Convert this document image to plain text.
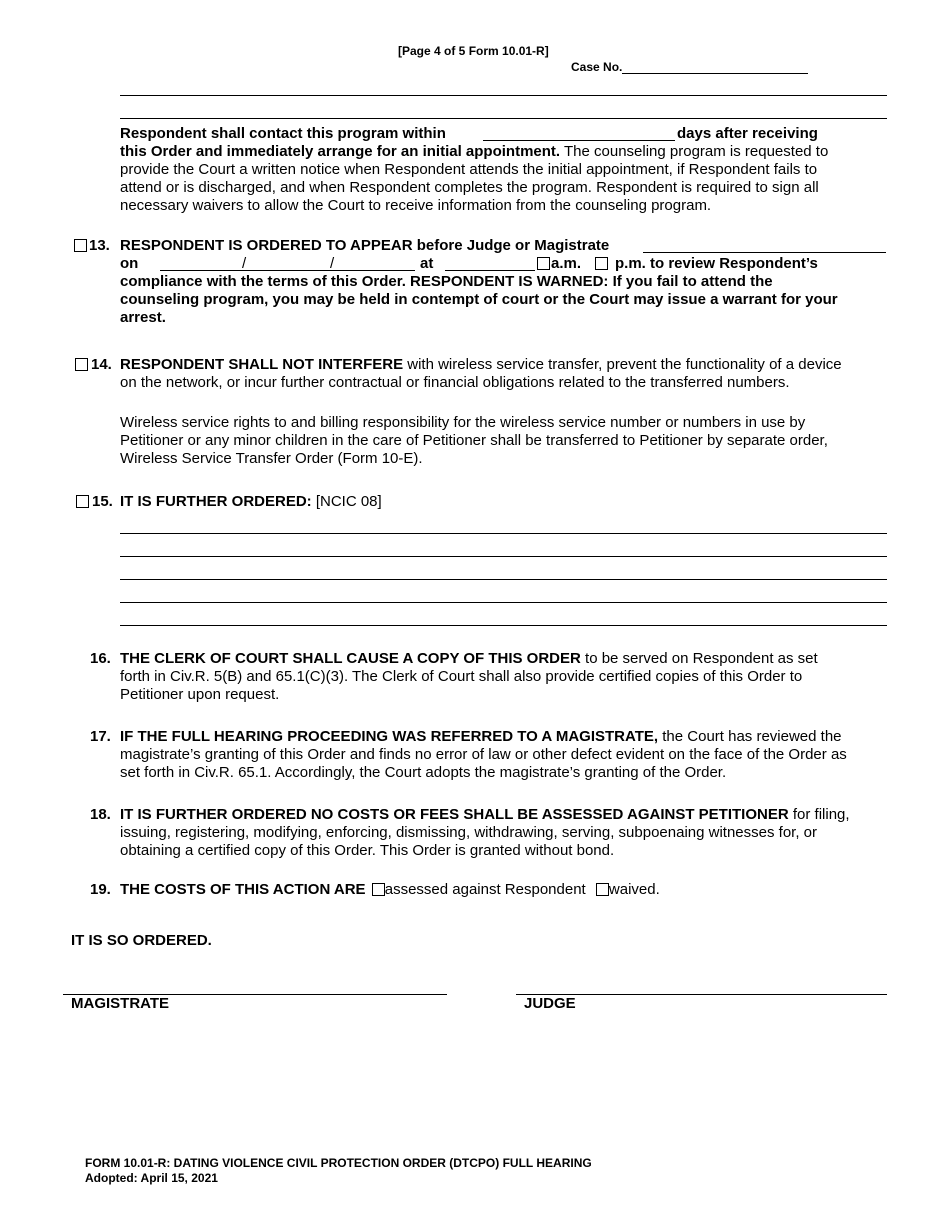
[Page 4 of 5 Form 10.01-R]
Case No.
Respondent shall contact this program within	days after receiving
this Order and immediately arrange for an initial appointment. The counseling program is requested to
provide the Court a written notice when Respondent attends the initial appointment, if Respondent fails to
attend or is discharged, and when Respondent completes the program. Respondent is required to sign all
necessary waivers to allow the Court to receive information from the counseling program.
13. RESPONDENT IS ORDERED TO APPEAR before Judge or Magistrate
on	/	/	at	a.m. p.m. to review Respondent’s
compliance with the terms of this Order. RESPONDENT IS WARNED: If you fail to attend the
counseling program, you may be held in contempt of court or the Court may issue a warrant for your
arrest.
14. RESPONDENT SHALL NOT INTERFERE with wireless service transfer, prevent the functionality of a device
on the network, or incur further contractual or financial obligations related to the transferred numbers.
Wireless service rights to and billing responsibility for the wireless service number or numbers in use by
Petitioner or any minor children in the care of Petitioner shall be transferred to Petitioner by separate order,
Wireless Service Transfer Order (Form 10-E).
15. IT IS FURTHER ORDERED: [NCIC 08]
16. THE CLERK OF COURT SHALL CAUSE A COPY OF THIS ORDER to be served on Respondent as set
forth in Civ.R. 5(B) and 65.1(C)(3). The Clerk of Court shall also provide certified copies of this Order to
Petitioner upon request.
17. IF THE FULL HEARING PROCEEDING WAS REFERRED TO A MAGISTRATE, the Court has reviewed the
magistrate’s granting of this Order and finds no error of law or other defect evident on the face of the Order as
set forth in Civ.R. 65.1. Accordingly, the Court adopts the magistrate’s granting of the Order.
18. IT IS FURTHER ORDERED NO COSTS OR FEES SHALL BE ASSESSED AGAINST PETITIONER for filing,
issuing, registering, modifying, enforcing, dismissing, withdrawing, serving, subpoenaing witnesses for, or
obtaining a certified copy of this Order. This Order is granted without bond.
19. THE COSTS OF THIS ACTION ARE assessed against Respondent waived.
IT IS SO ORDERED.
MAGISTRATE	JUDGE
FORM 10.01-R: DATING VIOLENCE CIVIL PROTECTION ORDER (DTCPO) FULL HEARING
Adopted: April 15, 2021
